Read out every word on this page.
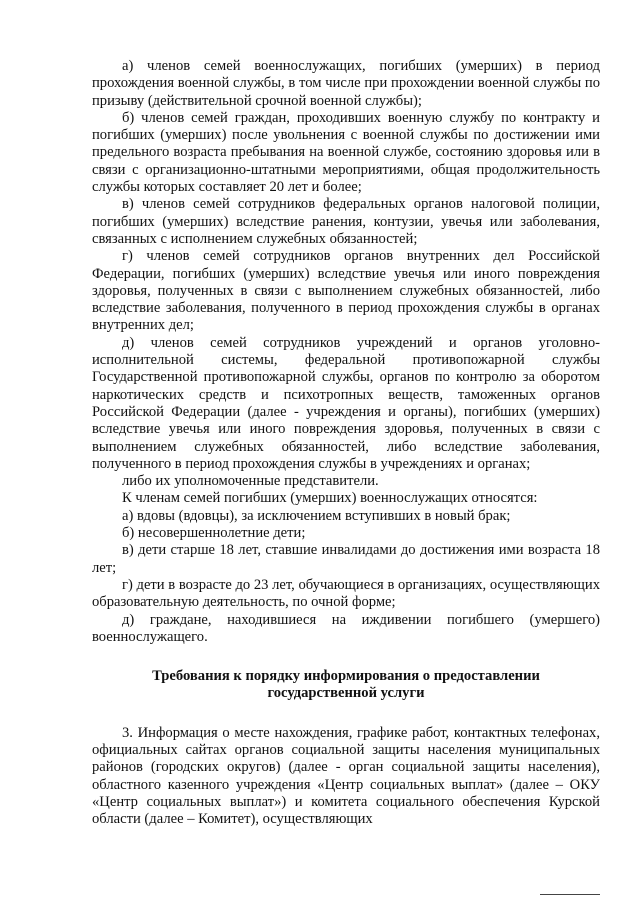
а) членов семей военнослужащих, погибших (умерших) в период прохождения военной службы, в том числе при прохождении военной службы по призыву (действительной срочной военной службы);

б) членов семей граждан, проходивших военную службу по контракту и погибших (умерших) после увольнения с военной службы по достижении ими предельного возраста пребывания на военной службе, состоянию здоровья или в связи с организационно-штатными мероприятиями, общая продолжительность службы которых составляет 20 лет и более;

в) членов семей сотрудников федеральных органов налоговой полиции, погибших (умерших) вследствие ранения, контузии, увечья или заболевания, связанных с исполнением служебных обязанностей;

г) членов семей сотрудников органов внутренних дел Российской Федерации, погибших (умерших) вследствие увечья или иного повреждения здоровья, полученных в связи с выполнением служебных обязанностей, либо вследствие заболевания, полученного в период прохождения службы в органах внутренних дел;

д) членов семей сотрудников учреждений и органов уголовно-исполнительной системы, федеральной противопожарной службы Государственной противопожарной службы, органов по контролю за оборотом наркотических средств и психотропных веществ, таможенных органов Российской Федерации (далее - учреждения и органы), погибших (умерших) вследствие увечья или иного повреждения здоровья, полученных в связи с выполнением служебных обязанностей, либо вследствие заболевания, полученного в период прохождения службы в учреждениях и органах;

либо их уполномоченные представители.

К членам семей погибших (умерших) военнослужащих относятся:

а) вдовы (вдовцы), за исключением вступивших в новый брак;

б) несовершеннолетние дети;

в) дети старше 18 лет, ставшие инвалидами до достижения ими возраста 18 лет;

г) дети в возрасте до 23 лет, обучающиеся в организациях, осуществляющих образовательную деятельность, по очной форме;

д) граждане, находившиеся на иждивении погибшего (умершего) военнослужащего.

Требования к порядку информирования о предоставлении
государственной услуги

3. Информация о месте нахождения, графике работ, контактных телефонах, официальных сайтах органов социальной защиты населения муниципальных районов (городских округов) (далее - орган социальной защиты населения), областного казенного учреждения «Центр социальных выплат» (далее – ОКУ «Центр социальных выплат») и комитета социального обеспечения Курской области (далее – Комитет), осуществляющих
